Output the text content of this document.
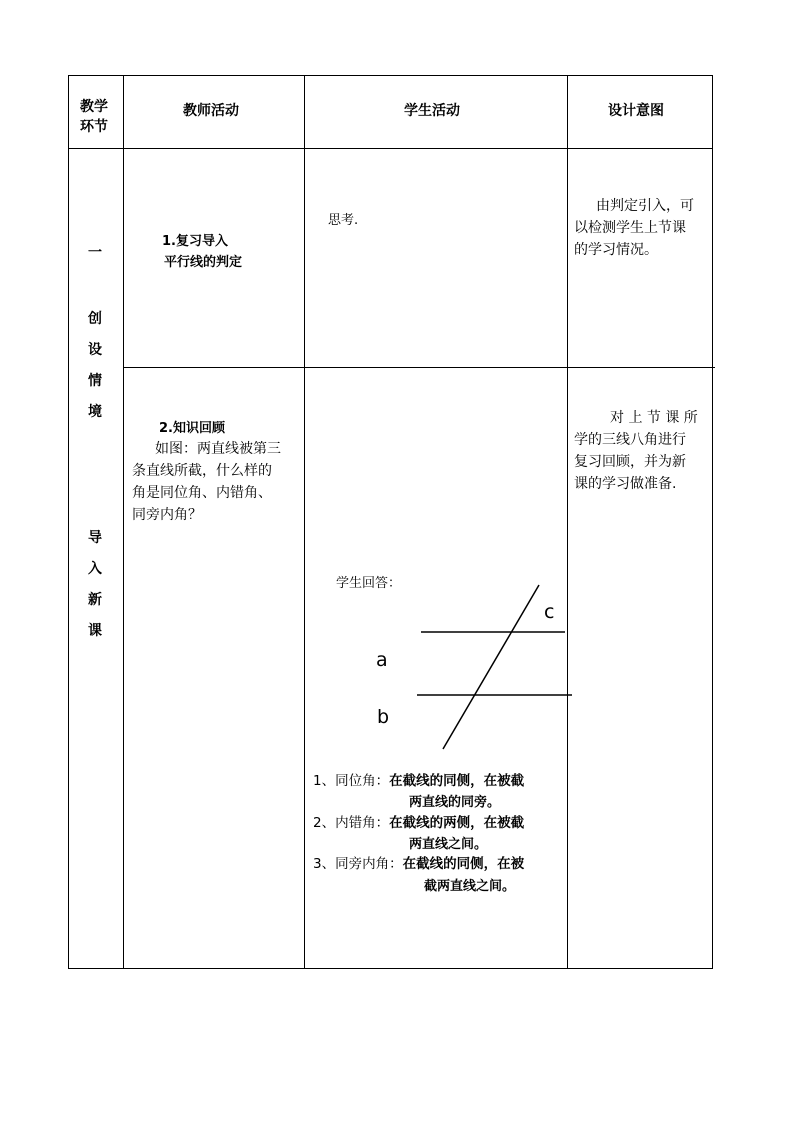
教学
环节
教师活动	学生活动	设计意图
一
创
设
情
境
导
入
新
课
1.复习导入
平行线的判定
思考.
由判定引入，可
以检测学生上节课
的学习情况。
2.知识回顾
如图：两直线被第三
条直线所截，什么样的
角是同位角、内错角、
同旁内角？
学生回答：
c
a
b
1、同位角：在截线的同侧，在被截
两直线的同旁。
2、内错角：在截线的两侧，在被截
两直线之间。
3、同旁内角：在截线的同侧，在被
截两直线之间。
对 上 节 课 所
学的三线八角进行
复习回顾，并为新
课的学习做准备.
